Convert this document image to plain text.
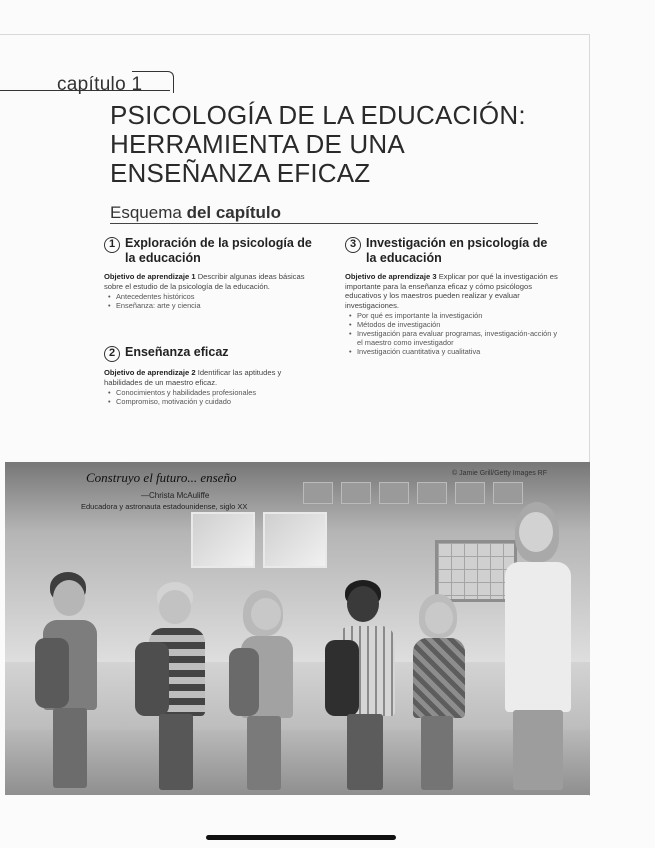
capítulo 1
PSICOLOGÍA DE LA EDUCACIÓN:
HERRAMIENTA DE UNA
ENSEÑANZA EFICAZ
Esquema del capítulo
1 Exploración de la psicología de la educación
Objetivo de aprendizaje 1 Describir algunas ideas básicas sobre el estudio de la psicología de la educación.
• Antecedentes históricos
• Enseñanza: arte y ciencia
2 Enseñanza eficaz
Objetivo de aprendizaje 2 Identificar las aptitudes y habilidades de un maestro eficaz.
• Conocimientos y habilidades profesionales
• Compromiso, motivación y cuidado
3 Investigación en psicología de la educación
Objetivo de aprendizaje 3 Explicar por qué la investigación es importante para la enseñanza eficaz y cómo psicólogos educativos y los maestros pueden realizar y evaluar investigaciones.
• Por qué es importante la investigación
• Métodos de investigación
• Investigación para evaluar programas, investigación-acción y el maestro como investigador
• Investigación cuantitativa y cualitativa
Construyo el futuro... enseño
—Christa McAuliffe
Educadora y astronauta estadounidense, siglo XX
© Jamie Grill/Getty Images RF
